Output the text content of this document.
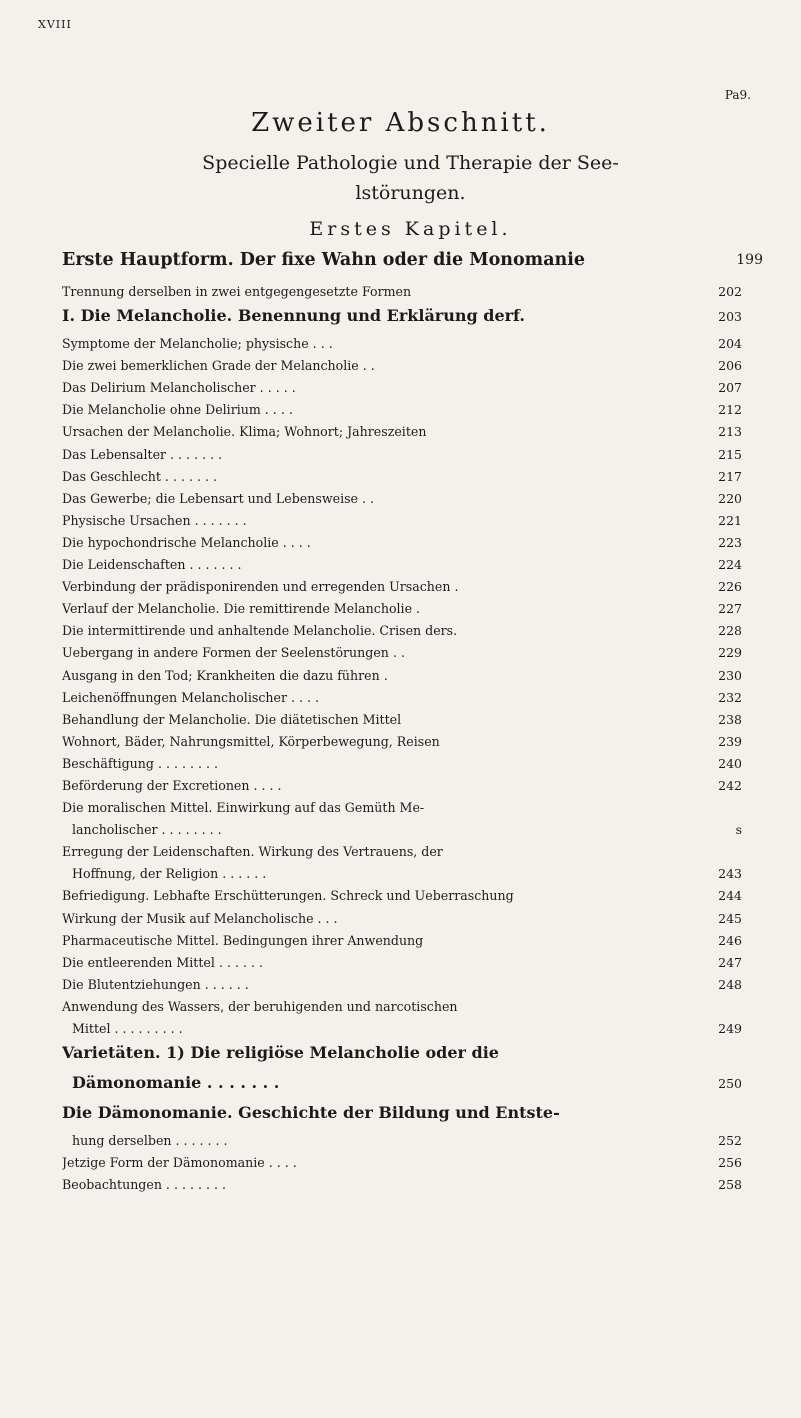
XVIII
Pa9.
Zweiter Abschnitt.
Specielle Pathologie und Therapie der See-
lstörungen.
Erstes Kapitel.
Erste Hauptform. Der fixe Wahn oder die Monomanie	199
Trennung derselben in zwei entgegengesetzte Formen	202
I. Die Melancholie. Benennung und Erklärung derf.	203
Symptome der Melancholie; physische . . .	204
Die zwei bemerklichen Grade der Melancholie . .	206
Das Delirium Melancholischer . . . . .	207
Die Melancholie ohne Delirium . . . .	212
Ursachen der Melancholie. Klima; Wohnort; Jahreszeiten	213
Das Lebensalter . . . . . . .	215
Das Geschlecht . . . . . . .	217
Das Gewerbe; die Lebensart und Lebensweise . .	220
Physische Ursachen . . . . . . .	221
Die hypochondrische Melancholie . . . .	223
Die Leidenschaften . . . . . . .	224
Verbindung der prädisponirenden und erregenden Ursachen .	226
Verlauf der Melancholie. Die remittirende Melancholie .	227
Die intermittirende und anhaltende Melancholie. Crisen ders.	228
Uebergang in andere Formen der Seelenstörungen . .	229
Ausgang in den Tod; Krankheiten die dazu führen .	230
Leichenöffnungen Melancholischer . . . .	232
Behandlung der Melancholie. Die diätetischen Mittel	238
Wohnort, Bäder, Nahrungsmittel, Körperbewegung, Reisen	239
Beschäftigung . . . . . . . .	240
Beförderung der Excretionen . . . .	242
Die moralischen Mittel. Einwirkung auf das Gemüth Me-
lancholischer . . . . . . . .	s
Erregung der Leidenschaften. Wirkung des Vertrauens, der
Hoffnung, der Religion . . . . . .	243
Befriedigung. Lebhafte Erschütterungen. Schreck und Ueberraschung	244
Wirkung der Musik auf Melancholische . . .	245
Pharmaceutische Mittel. Bedingungen ihrer Anwendung	246
Die entleerenden Mittel . . . . . .	247
Die Blutentziehungen . . . . . .	248
Anwendung des Wassers, der beruhigenden und narcotischen
Mittel . . . . . . . . .	249
Varietäten. 1) Die religiöse Melancholie oder die
Dämonomanie . . . . . . .	250
Die Dämonomanie. Geschichte der Bildung und Entste-
hung derselben . . . . . . .	252
Jetzige Form der Dämonomanie . . . .	256
Beobachtungen . . . . . . . .	258
